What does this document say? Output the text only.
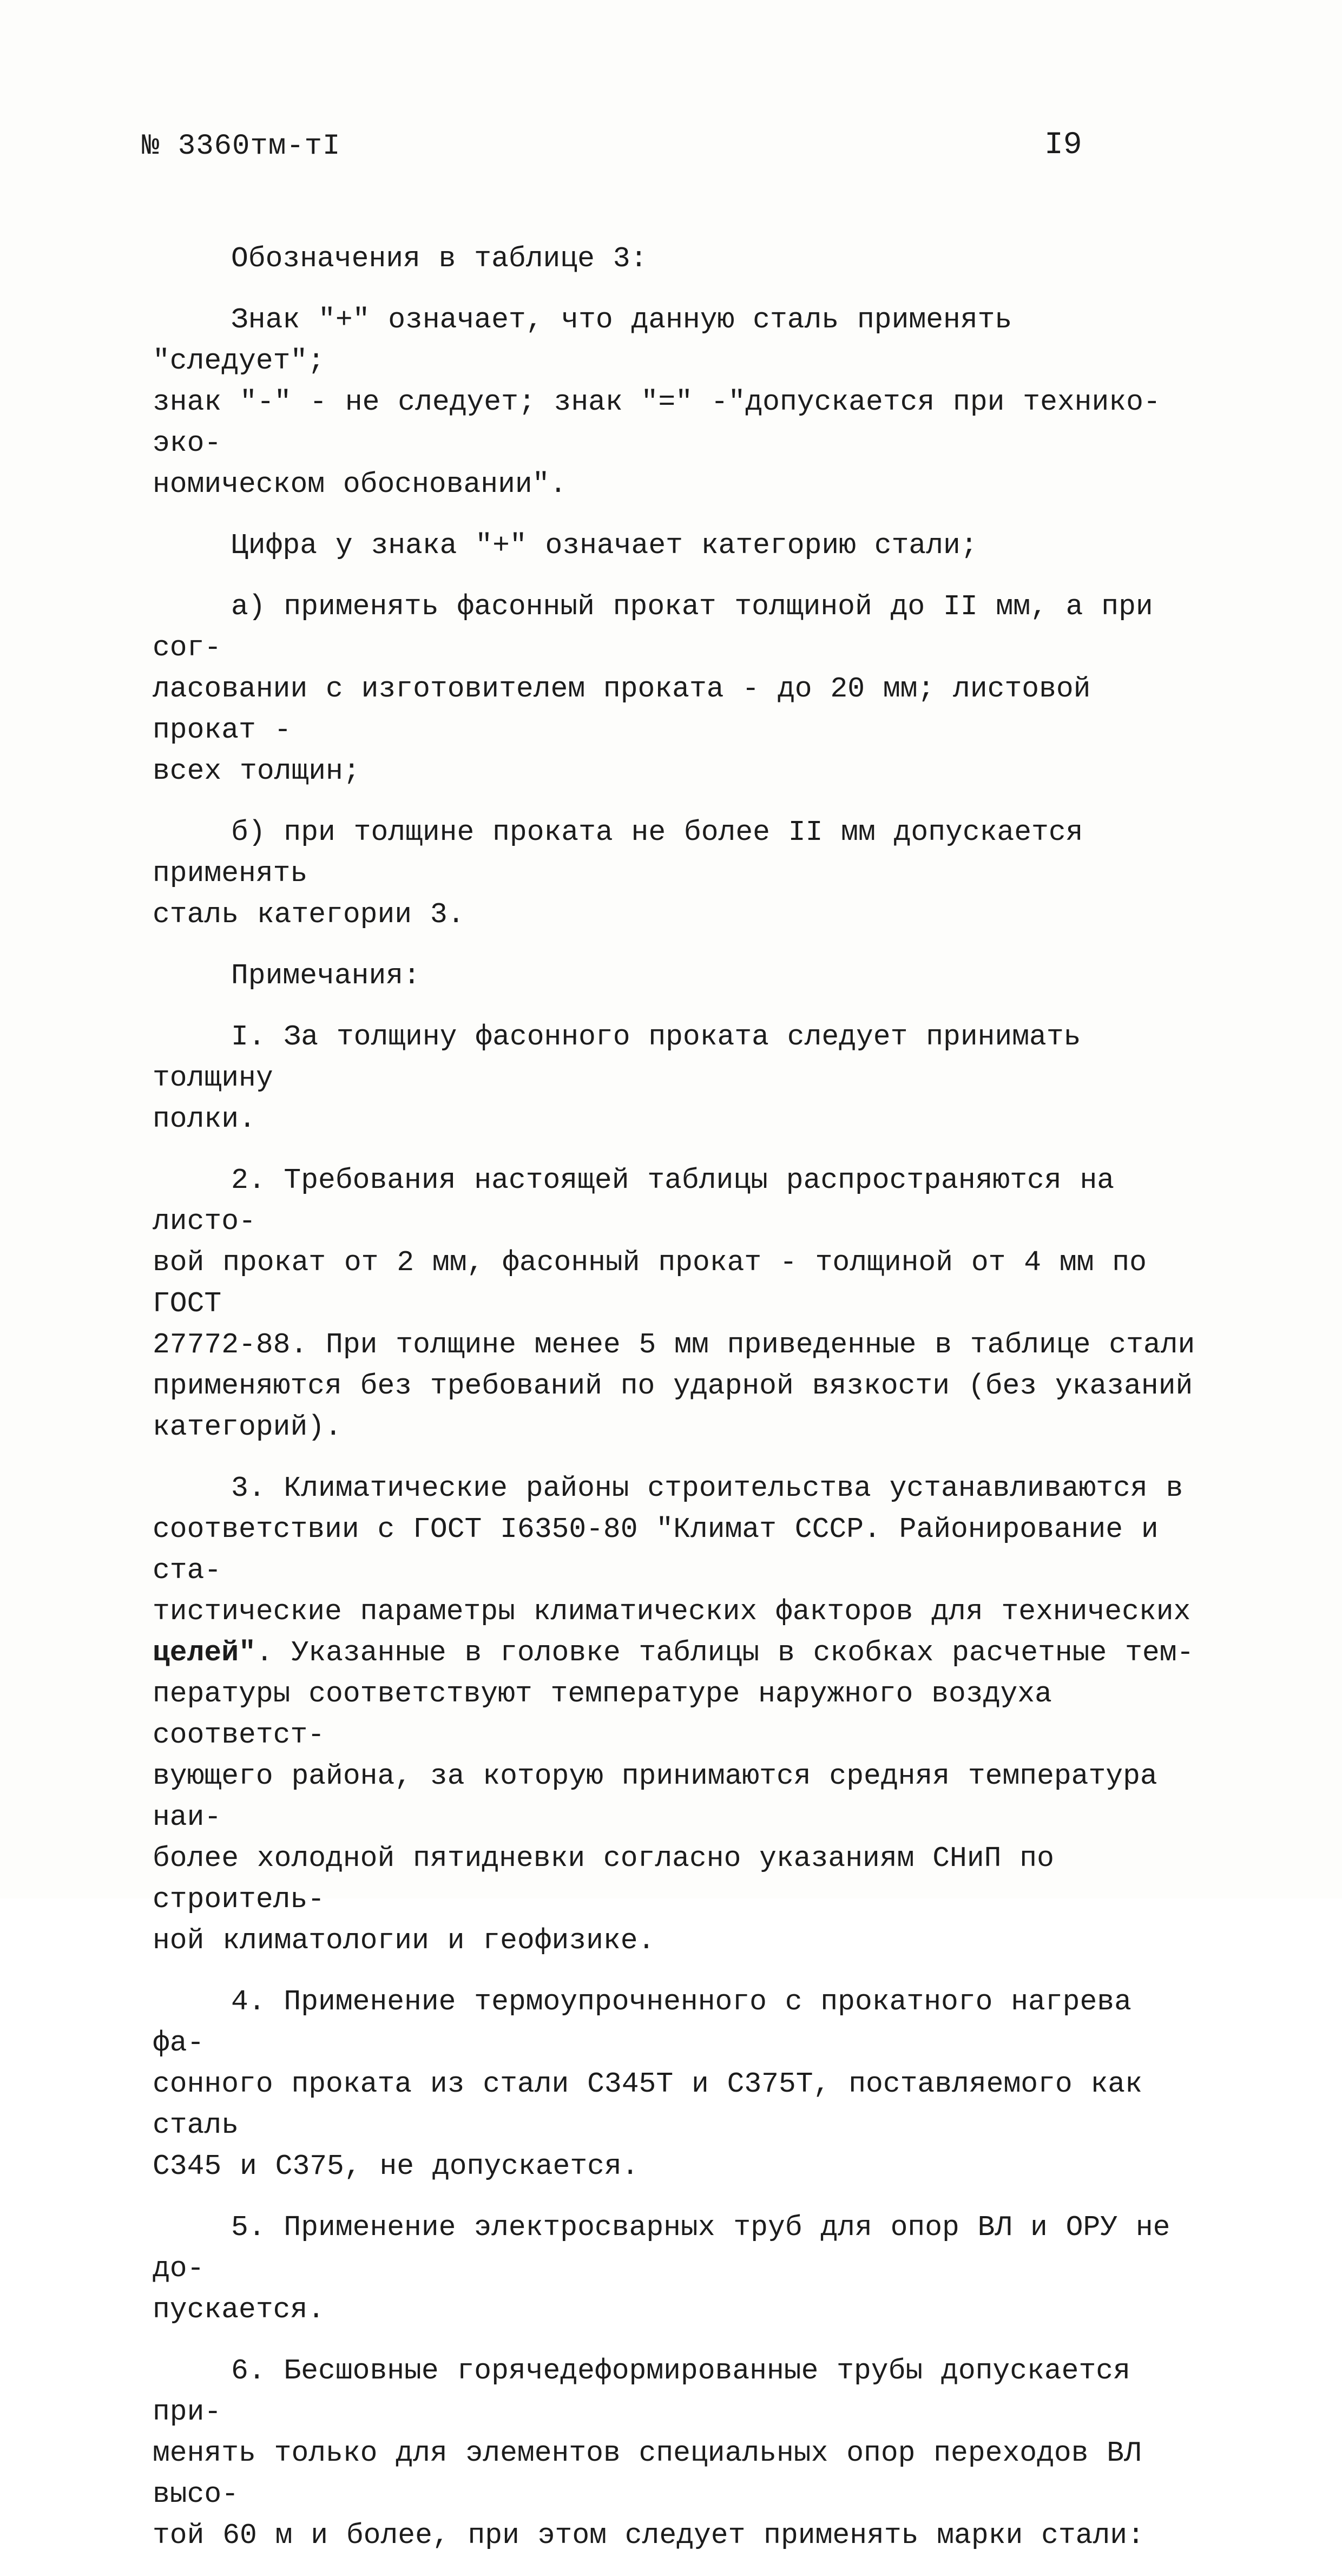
№ 3360тм-тI	I9

Обозначения в таблице 3:

Знак "+" означает, что данную сталь применять "следует";
знак "-" - не следует; знак "=" -"допускается при технико-эко-
номическом обосновании".

Цифра у знака "+" означает категорию стали;

а) применять фасонный прокат толщиной до II мм, а при сог-
ласовании с изготовителем проката - до 20 мм; листовой прокат -
всех толщин;

б) при толщине проката не более II мм допускается применять
сталь категории 3.

Примечания:

I. За толщину фасонного проката следует принимать толщину
полки.

2. Требования настоящей таблицы распространяются на листо-
вой прокат от 2 мм, фасонный прокат - толщиной от 4 мм по ГОСТ
27772-88. При толщине менее 5 мм приведенные в таблице стали
применяются без требований по ударной вязкости (без указаний
категорий).

3. Климатические районы строительства устанавливаются в
соответствии с ГОСТ I6350-80 "Климат СССР. Районирование и ста-
тистические параметры климатических факторов для технических
целей". Указанные в головке таблицы в скобках расчетные тем-
пературы соответствуют температуре наружного воздуха соответст-
вующего района, за которую принимаются средняя температура наи-
более холодной пятидневки согласно указаниям СНиП по строитель-
ной климатологии и геофизике.

4. Применение термоупрочненного с прокатного нагрева фа-
сонного проката из стали С345Т и С375Т, поставляемого как сталь
С345 и С375, не допускается.

5. Применение электросварных труб для опор ВЛ и ОРУ не до-
пускается.

6. Бесшовные горячедеформированные трубы допускается при-
менять только для элементов специальных опор переходов ВЛ высо-
той 60 м и более, при этом следует применять марки стали:
